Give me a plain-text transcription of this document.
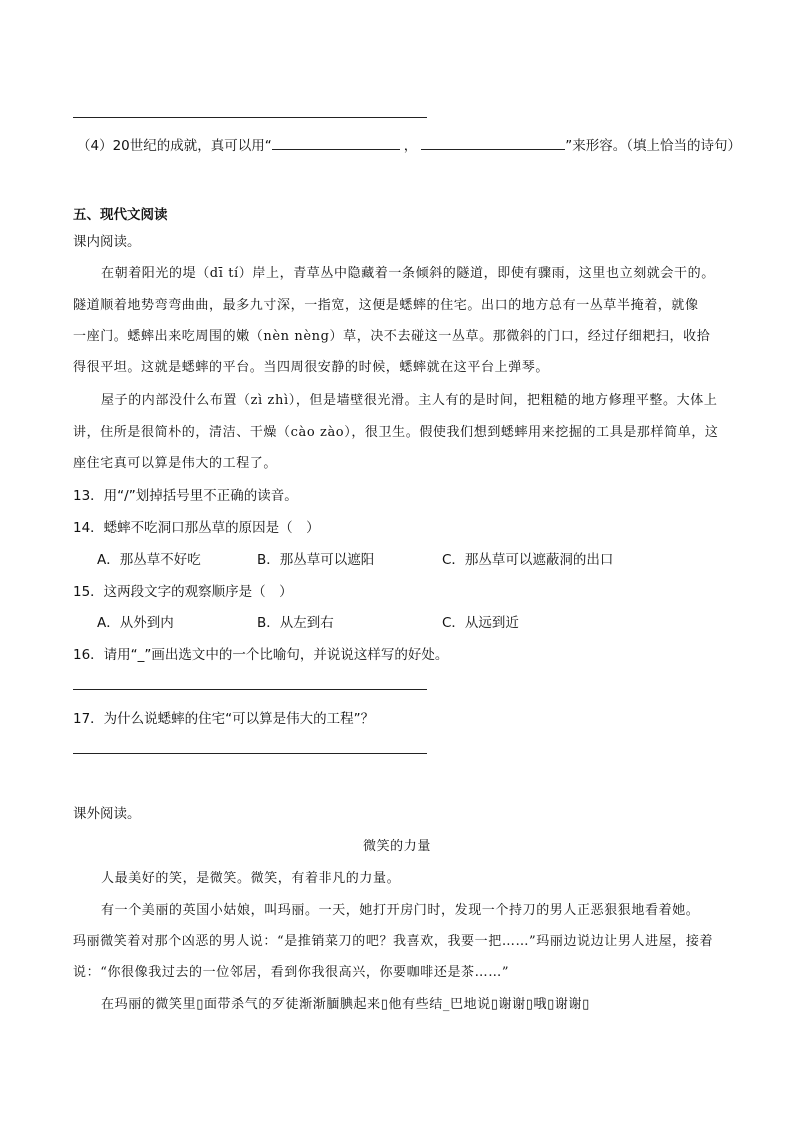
（4）20世纪的成就，真可以用“	，	”来形容。（填上恰当的诗句）
五、现代文阅读
课内阅读。
在朝着阳光的堤（dī tí）岸上，青草丛中隐藏着一条倾斜的隧道，即使有骤雨，这里也立刻就会干的。
隧道顺着地势弯弯曲曲，最多九寸深，一指宽，这便是蟋蟀的住宅。出口的地方总有一丛草半掩着，就像
一座门。蟋蟀出来吃周围的嫩（nèn nèng）草，决不去碰这一丛草。那微斜的门口，经过仔细耙扫，收拾
得很平坦。这就是蟋蟀的平台。当四周很安静的时候，蟋蟀就在这平台上弹琴。
屋子的内部没什么布置（zì zhì），但是墙壁很光滑。主人有的是时间，把粗糙的地方修理平整。大体上
讲，住所是很简朴的，清洁、干燥（cào zào），很卫生。假使我们想到蟋蟀用来挖掘的工具是那样简单，这
座住宅真可以算是伟大的工程了。
13．用“/”划掉括号里不正确的读音。
14．蟋蟀不吃洞口那丛草的原因是（　）
A．那丛草不好吃	B．那丛草可以遮阳	C．那丛草可以遮蔽洞的出口
15．这两段文字的观察顺序是（　）
A．从外到内	B．从左到右	C．从远到近
16．请用“_”画出选文中的一个比喻句，并说说这样写的好处。
17．为什么说蟋蟀的住宅“可以算是伟大的工程”？
课外阅读。
微笑的力量
人最美好的笑，是微笑。微笑，有着非凡的力量。
有一个美丽的英国小姑娘，叫玛丽。一天，她打开房门时，发现一个持刀的男人正恶狠狠地看着她。
玛丽微笑着对那个凶恶的男人说：“是推销菜刀的吧？我喜欢，我要一把……”玛丽边说边让男人进屋，接着
说：“你很像我过去的一位邻居，看到你我很高兴，你要咖啡还是茶……”
在玛丽的微笑里▯面带杀气的歹徒渐渐腼腆起来▯他有些结_巴地说▯谢谢▯哦▯谢谢▯
